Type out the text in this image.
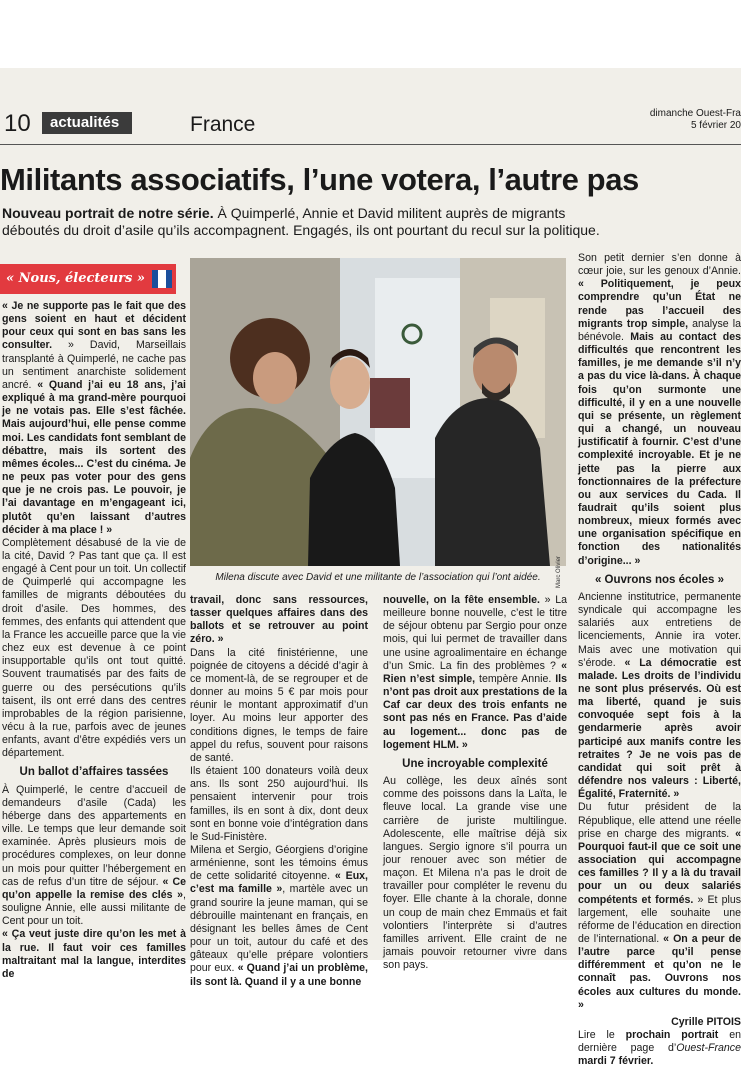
10	actualités	France	dimanche Ouest-Fra
5 février 20
Militants associatifs, l’une votera, l’autre pas
Nouveau portrait de notre série. À Quimperlé, Annie et David militent auprès de migrants
déboutés du droit d’asile qu’ils accompagnent. Engagés, ils ont pourtant du recul sur la politique.
« Nous, électeurs »

« Je ne supporte pas le fait que des gens soient en haut et décident pour ceux qui sont en bas sans les consulter. » David, Marseillais transplanté à Quimperlé, ne cache pas un sentiment anarchiste solidement ancré. « Quand j’ai eu 18 ans, j’ai expliqué à ma grand-mère pourquoi je ne votais pas. Elle s’est fâchée. Mais aujourd’hui, elle pense comme moi. Les candidats font semblant de débattre, mais ils sortent des mêmes écoles... C’est du cinéma. Je ne peux pas voter pour des gens que je ne crois pas. Le pouvoir, je l’ai davantage en m’engageant ici, plutôt qu’en laissant d’autres décider à ma place ! »

Complètement désabusé de la vie de la cité, David ? Pas tant que ça. Il est engagé à Cent pour un toit. Un collectif de Quimperlé qui accompagne les familles de migrants déboutées du droit d’asile. Des hommes, des femmes, des enfants qui attendent que la France les accueille parce que la vie chez eux est devenue à ce point insupportable qu’ils ont tout quitté. Souvent traumatisés par des faits de guerre ou des persécutions qu’ils taisent, ils ont erré dans des centres improbables de la région parisienne, vécu à la rue, parfois avec de jeunes enfants, avant d’être expédiés vers un département.

Un ballot d’affaires tassées

À Quimperlé, le centre d’accueil de demandeurs d’asile (Cada) les héberge dans des appartements en ville. Le temps que leur demande soit examinée. Après plusieurs mois de procédures complexes, on leur donne un mois pour quitter l’hébergement en cas de refus d’un titre de séjour. « Ce qu’on appelle la remise des clés », souligne Annie, elle aussi militante de Cent pour un toit.

« Ça veut juste dire qu’on les met à la rue. Il faut voir ces familles maltraitant mal la langue, interdites de

Marc Olivier
Milena discute avec David et une militante de l’association qui l’ont aidée.

travail, donc sans ressources, tasser quelques affaires dans des ballots et se retrouver au point zéro. »

Dans la cité finistérienne, une poignée de citoyens a décidé d’agir à ce moment-là, de se regrouper et de donner au moins 5 € par mois pour réunir le montant approximatif d’un loyer. Au moins leur apporter des conditions dignes, le temps de faire appel du refus, souvent pour raisons de santé.

Ils étaient 100 donateurs voilà deux ans. Ils sont 250 aujourd’hui. Ils pensaient intervenir pour trois familles, ils en sont à dix, dont deux sont en bonne voie d’intégration dans le Sud-Finistère.

Milena et Sergio, Géorgiens d’origine arménienne, sont les témoins émus de cette solidarité citoyenne. « Eux, c’est ma famille », martèle avec un grand sourire la jeune maman, qui se débrouille maintenant en français, en désignant les belles âmes de Cent pour un toit, autour du café et des gâteaux qu’elle prépare volontiers pour eux. « Quand j’ai un problème, ils sont là. Quand il y a une bonne

nouvelle, on la fête ensemble. » La meilleure bonne nouvelle, c’est le titre de séjour obtenu par Sergio pour onze mois, qui lui permet de travailler dans une usine agroalimentaire en échange d’un Smic. La fin des problèmes ? « Rien n’est simple, tempère Annie. Ils n’ont pas droit aux prestations de la Caf car deux des trois enfants ne sont pas nés en France. Pas d’aide au logement... donc pas de logement HLM. »

Une incroyable complexité

Au collège, les deux aînés sont comme des poissons dans la Laïta, le fleuve local. La grande vise une carrière de juriste multilingue. Adolescente, elle maîtrise déjà six langues. Sergio ignore s’il pourra un jour renouer avec son métier de maçon. Et Milena n’a pas le droit de travailler pour compléter le revenu du foyer. Elle chante à la chorale, donne un coup de main chez Emmaüs et fait volontiers l’interprète si d’autres familles arrivent. Elle craint de ne jamais pouvoir retourner vivre dans son pays.

Son petit dernier s’en donne à cœur joie, sur les genoux d’Annie. « Politiquement, je peux comprendre qu’un État ne rende pas l’accueil des migrants trop simple, analyse la bénévole. Mais au contact des difficultés que rencontrent les familles, je me demande s’il n’y a pas du vice là-dans. À chaque fois qu’on surmonte une difficulté, il y en a une nouvelle qui se présente, un règlement qui a changé, un nouveau justificatif à fournir. C’est d’une complexité incroyable. Et je ne jette pas la pierre aux fonctionnaires de la préfecture ou aux services du Cada. Il faudrait qu’ils soient plus nombreux, mieux formés avec une organisation spécifique en fonction des nationalités d’origine... »

« Ouvrons nos écoles »

Ancienne institutrice, permanente syndicale qui accompagne les salariés aux entretiens de licenciements, Annie ira voter. Mais avec une motivation qui s’érode. « La démocratie est malade. Les droits de l’individu ne sont plus préservés. Où est ma liberté, quand je suis convoquée sept fois à la gendarmerie après avoir participé aux manifs contre les retraites ? Je ne vois pas de candidat qui soit prêt à défendre nos valeurs : Liberté, Égalité, Fraternité. »

Du futur président de la République, elle attend une réelle prise en charge des migrants. « Pourquoi faut-il que ce soit une association qui accompagne ces familles ? Il y a là du travail pour un ou deux salariés compétents et formés. » Et plus largement, elle souhaite une réforme de l’éducation en direction de l’international. « On a peur de l’autre parce qu’il pense différemment et qu’on ne le connaît pas. Ouvrons nos écoles aux cultures du monde. »

Cyrille PITOIS

Lire le prochain portrait en dernière page d’Ouest-France mardi 7 février.
